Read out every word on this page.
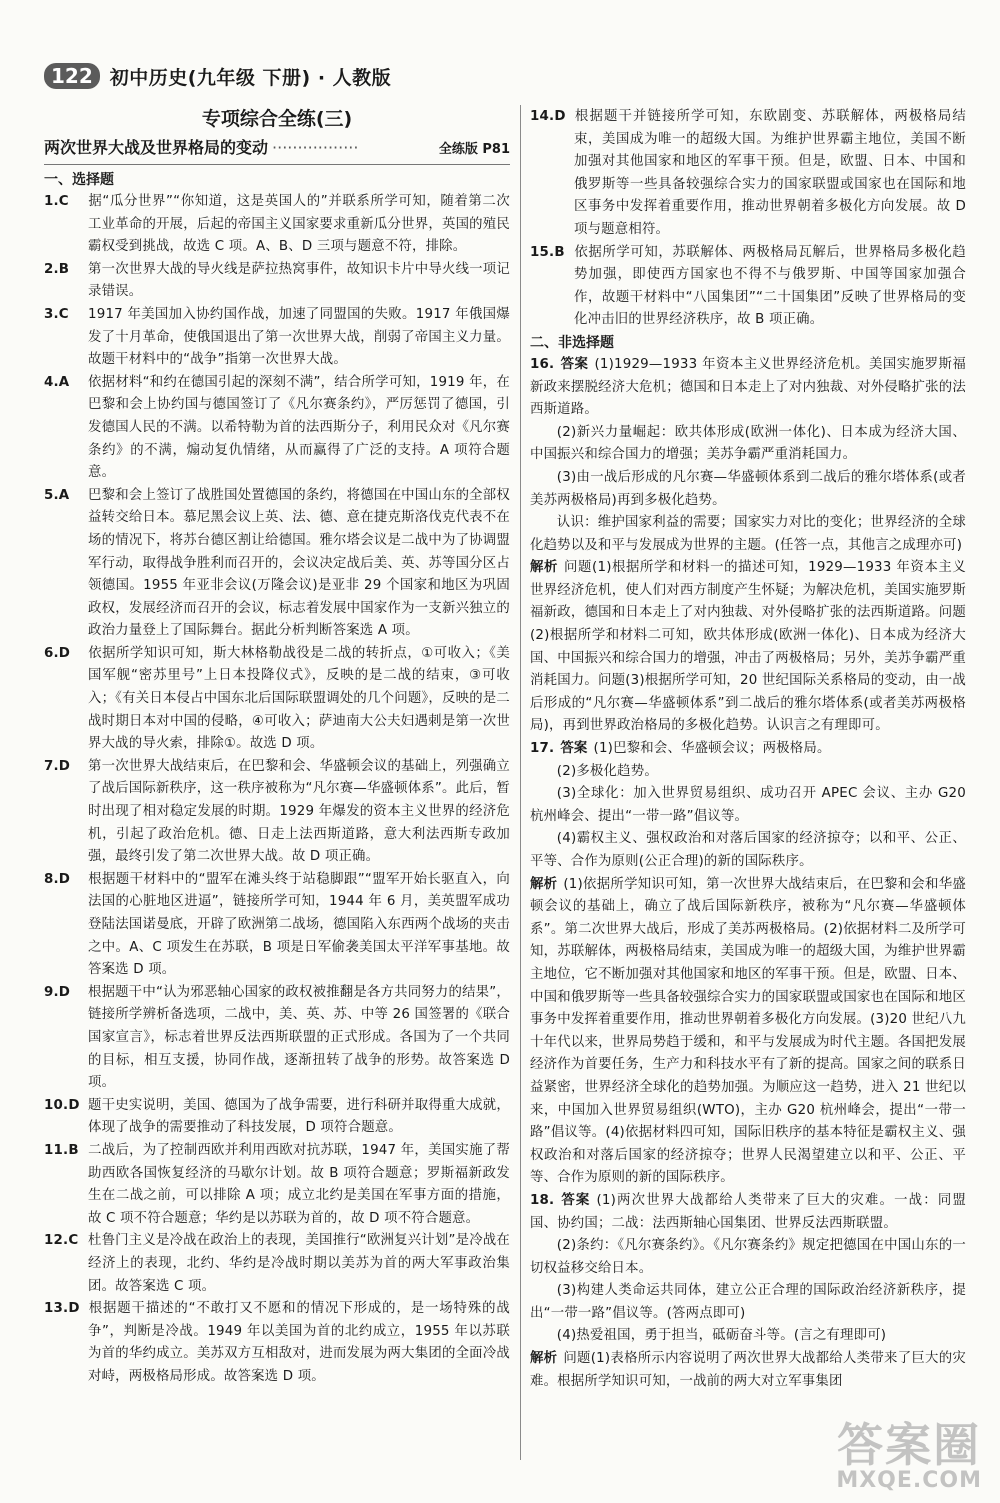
122 初中历史(九年级 下册) · 人教版
专项综合全练(三)
两次世界大战及世界格局的变动 ·················	全练版 P81

一、选择题

1.C 据“瓜分世界”“你知道，这是英国人的”并联系所学可知，随着第二次工业革命的开展，后起的帝国主义国家要求重新瓜分世界，英国的殖民霸权受到挑战，故选 C 项。A、B、D 三项与题意不符，排除。

2.B 第一次世界大战的导火线是萨拉热窝事件，故知识卡片中导火线一项记录错误。

3.C 1917 年美国加入协约国作战，加速了同盟国的失败。1917 年俄国爆发了十月革命，使俄国退出了第一次世界大战，削弱了帝国主义力量。故题干材料中的“战争”指第一次世界大战。

4.A 依据材料“和约在德国引起的深刻不满”，结合所学可知，1919 年，在巴黎和会上协约国与德国签订了《凡尔赛条约》，严厉惩罚了德国，引发德国人民的不满。以希特勒为首的法西斯分子，利用民众对《凡尔赛条约》的不满，煽动复仇情绪，从而赢得了广泛的支持。A 项符合题意。

5.A 巴黎和会上签订了战胜国处置德国的条约，将德国在中国山东的全部权益转交给日本。慕尼黑会议上英、法、德、意在捷克斯洛伐克代表不在场的情况下，将苏台德区割让给德国。雅尔塔会议是二战中为了协调盟军行动，取得战争胜利而召开的，会议决定战后美、英、苏等国分区占领德国。1955 年亚非会议(万隆会议)是亚非 29 个国家和地区为巩固政权，发展经济而召开的会议，标志着发展中国家作为一支新兴独立的政治力量登上了国际舞台。据此分析判断答案选 A 项。

6.D 依据所学知识可知，斯大林格勒战役是二战的转折点，①可收入；《美国军舰“密苏里号”上日本投降仪式》，反映的是二战的结束，③可收入；《有关日本侵占中国东北后国际联盟调处的几个问题》，反映的是二战时期日本对中国的侵略，④可收入；萨迪南大公夫妇遇刺是第一次世界大战的导火索，排除①。故选 D 项。

7.D 第一次世界大战结束后，在巴黎和会、华盛顿会议的基础上，列强确立了战后国际新秩序，这一秩序被称为“凡尔赛—华盛顿体系”。此后，暂时出现了相对稳定发展的时期。1929 年爆发的资本主义世界的经济危机，引起了政治危机。德、日走上法西斯道路，意大利法西斯专政加强，最终引发了第二次世界大战。故 D 项正确。

8.D 根据题干材料中的“盟军在滩头终于站稳脚跟”“盟军开始长驱直入，向法国的心脏地区进逼”，链接所学可知，1944 年 6 月，美英盟军成功登陆法国诺曼底，开辟了欧洲第二战场，德国陷入东西两个战场的夹击之中。A、C 项发生在苏联，B 项是日军偷袭美国太平洋军事基地。故答案选 D 项。

9.D 根据题干中“认为邪恶轴心国家的政权被推翻是各方共同努力的结果”，链接所学辨析备选项，二战中，美、英、苏、中等 26 国签署的《联合国家宣言》，标志着世界反法西斯联盟的正式形成。各国为了一个共同的目标，相互支援，协同作战，逐渐扭转了战争的形势。故答案选 D 项。

10.D 题干史实说明，美国、德国为了战争需要，进行科研并取得重大成就，体现了战争的需要推动了科技发展，D 项符合题意。

11.B 二战后，为了控制西欧并利用西欧对抗苏联，1947 年，美国实施了帮助西欧各国恢复经济的马歇尔计划。故 B 项符合题意；罗斯福新政发生在二战之前，可以排除 A 项；成立北约是美国在军事方面的措施，故 C 项不符合题意；华约是以苏联为首的，故 D 项不符合题意。

12.C 杜鲁门主义是冷战在政治上的表现，美国推行“欧洲复兴计划”是冷战在经济上的表现，北约、华约是冷战时期以美苏为首的两大军事政治集团。故答案选 C 项。

13.D 根据题干描述的“不敢打又不愿和的情况下形成的，是一场特殊的战争”，判断是冷战。1949 年以美国为首的北约成立，1955 年以苏联为首的华约成立。美苏双方互相敌对，进而发展为两大集团的全面冷战对峙，两极格局形成。故答案选 D 项。

14.D 根据题干并链接所学可知，东欧剧变、苏联解体，两极格局结束，美国成为唯一的超级大国。为维护世界霸主地位，美国不断加强对其他国家和地区的军事干预。但是，欧盟、日本、中国和俄罗斯等一些具备较强综合实力的国家联盟或国家也在国际和地区事务中发挥着重要作用，推动世界朝着多极化方向发展。故 D 项与题意相符。

15.B 依据所学可知，苏联解体、两极格局瓦解后，世界格局多极化趋势加强，即使西方国家也不得不与俄罗斯、中国等国家加强合作，故题干材料中“八国集团”“二十国集团”反映了世界格局的变化冲击旧的世界经济秩序，故 B 项正确。

二、非选择题

16. 答案 (1)1929—1933 年资本主义世界经济危机。美国实施罗斯福新政来摆脱经济大危机；德国和日本走上了对内独裁、对外侵略扩张的法西斯道路。

(2)新兴力量崛起：欧共体形成(欧洲一体化)、日本成为经济大国、中国振兴和综合国力的增强；美苏争霸严重消耗国力。

(3)由一战后形成的凡尔赛—华盛顿体系到二战后的雅尔塔体系(或者美苏两极格局)再到多极化趋势。

认识：维护国家利益的需要；国家实力对比的变化；世界经济的全球化趋势以及和平与发展成为世界的主题。(任答一点，其他言之成理亦可)

解析 问题(1)根据所学和材料一的描述可知，1929—1933 年资本主义世界经济危机，使人们对西方制度产生怀疑；为解决危机，美国实施罗斯福新政，德国和日本走上了对内独裁、对外侵略扩张的法西斯道路。问题(2)根据所学和材料二可知，欧共体形成(欧洲一体化)、日本成为经济大国、中国振兴和综合国力的增强，冲击了两极格局；另外，美苏争霸严重消耗国力。问题(3)根据所学可知，20 世纪国际关系格局的变动，由一战后形成的“凡尔赛—华盛顿体系”到二战后的雅尔塔体系(或者美苏两极格局)，再到世界政治格局的多极化趋势。认识言之有理即可。

17. 答案 (1)巴黎和会、华盛顿会议；两极格局。

(2)多极化趋势。

(3)全球化：加入世界贸易组织、成功召开 APEC 会议、主办 G20 杭州峰会、提出“一带一路”倡议等。

(4)霸权主义、强权政治和对落后国家的经济掠夺；以和平、公正、平等、合作为原则(公正合理)的新的国际秩序。

解析 (1)依据所学知识可知，第一次世界大战结束后，在巴黎和会和华盛顿会议的基础上，确立了战后国际新秩序，被称为“凡尔赛—华盛顿体系”。第二次世界大战后，形成了美苏两极格局。(2)依据材料二及所学可知，苏联解体，两极格局结束，美国成为唯一的超级大国，为维护世界霸主地位，它不断加强对其他国家和地区的军事干预。但是，欧盟、日本、中国和俄罗斯等一些具备较强综合实力的国家联盟或国家也在国际和地区事务中发挥着重要作用，推动世界朝着多极化方向发展。(3)20 世纪八九十年代以来，世界局势趋于缓和，和平与发展成为时代主题。各国把发展经济作为首要任务，生产力和科技水平有了新的提高。国家之间的联系日益紧密，世界经济全球化的趋势加强。为顺应这一趋势，进入 21 世纪以来，中国加入世界贸易组织(WTO)，主办 G20 杭州峰会，提出“一带一路”倡议等。(4)依据材料四可知，国际旧秩序的基本特征是霸权主义、强权政治和对落后国家的经济掠夺；世界人民渴望建立以和平、公正、平等、合作为原则的新的国际秩序。

18. 答案 (1)两次世界大战都给人类带来了巨大的灾难。一战：同盟国、协约国；二战：法西斯轴心国集团、世界反法西斯联盟。

(2)条约：《凡尔赛条约》。《凡尔赛条约》规定把德国在中国山东的一切权益移交给日本。

(3)构建人类命运共同体，建立公正合理的国际政治经济新秩序，提出“一带一路”倡议等。(答两点即可)

(4)热爱祖国，勇于担当，砥砺奋斗等。(言之有理即可)

解析 问题(1)表格所示内容说明了两次世界大战都给人类带来了巨大的灾难。根据所学知识可知，一战前的两大对立军事集团

答案圈
MXQE.COM
